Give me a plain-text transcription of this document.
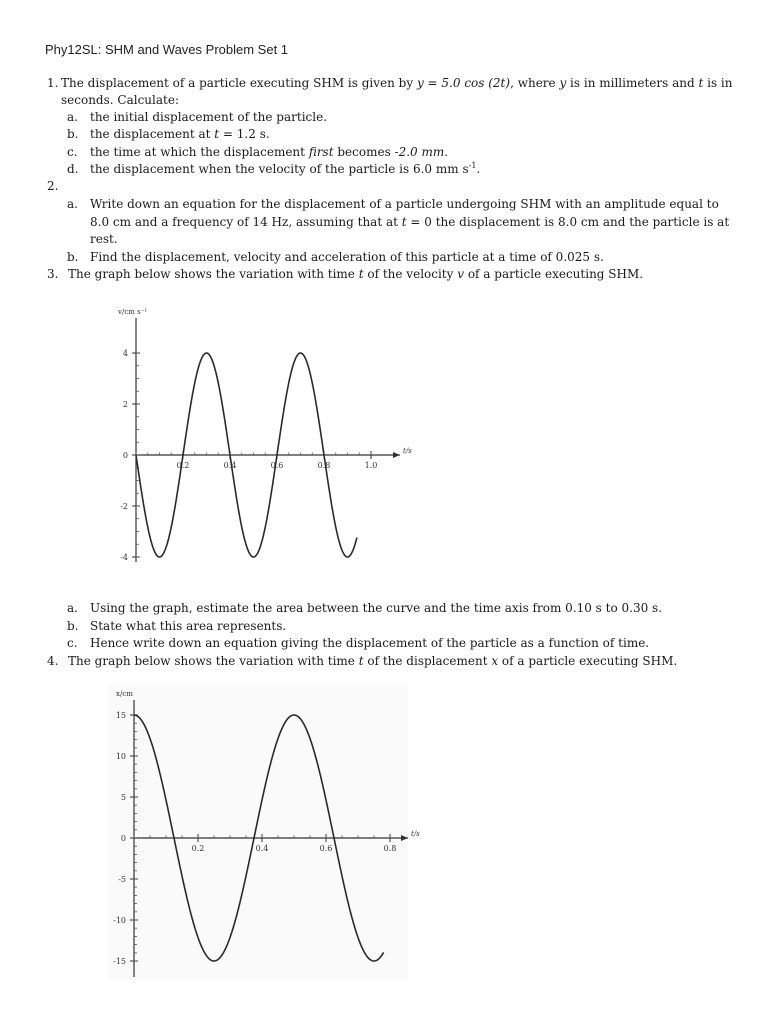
Phy12SL: SHM and Waves Problem Set 1
1. The displacement of a particle executing SHM is given by y = 5.0 cos (2t), where y is in millimeters and t is in
seconds. Calculate:
a. the initial displacement of the particle.
b. the displacement at t = 1.2 s.
c. the time at which the displacement first becomes -2.0 mm.
d. the displacement when the velocity of the particle is 6.0 mm $s^{-1}$.
2.
a. Write down an equation for the displacement of a particle undergoing SHM with an amplitude equal to
8.0 cm and a frequency of 14 Hz, assuming that at t = 0 the displacement is 8.0 cm and the particle is at
rest.
b. Find the displacement, velocity and acceleration of this particle at a time of 0.025 s.
3. The graph below shows the variation with time t of the velocity v of a particle executing SHM.
a. Using the graph, estimate the area between the curve and the time axis from 0.10 s to 0.30 s.
b. State what this area represents.
c. Hence write down an equation giving the displacement of the particle as a function of time.
4. The graph below shows the variation with time t of the displacement x of a particle executing SHM.
4
2
0
-2
-4
0.2	0.4	0.6	0.8	1.0
v/cm s⁻¹
t/s
15
10
5
0
-5
-10
-15
0.2	0.4	0.6	0.8
x/cm
t/s
